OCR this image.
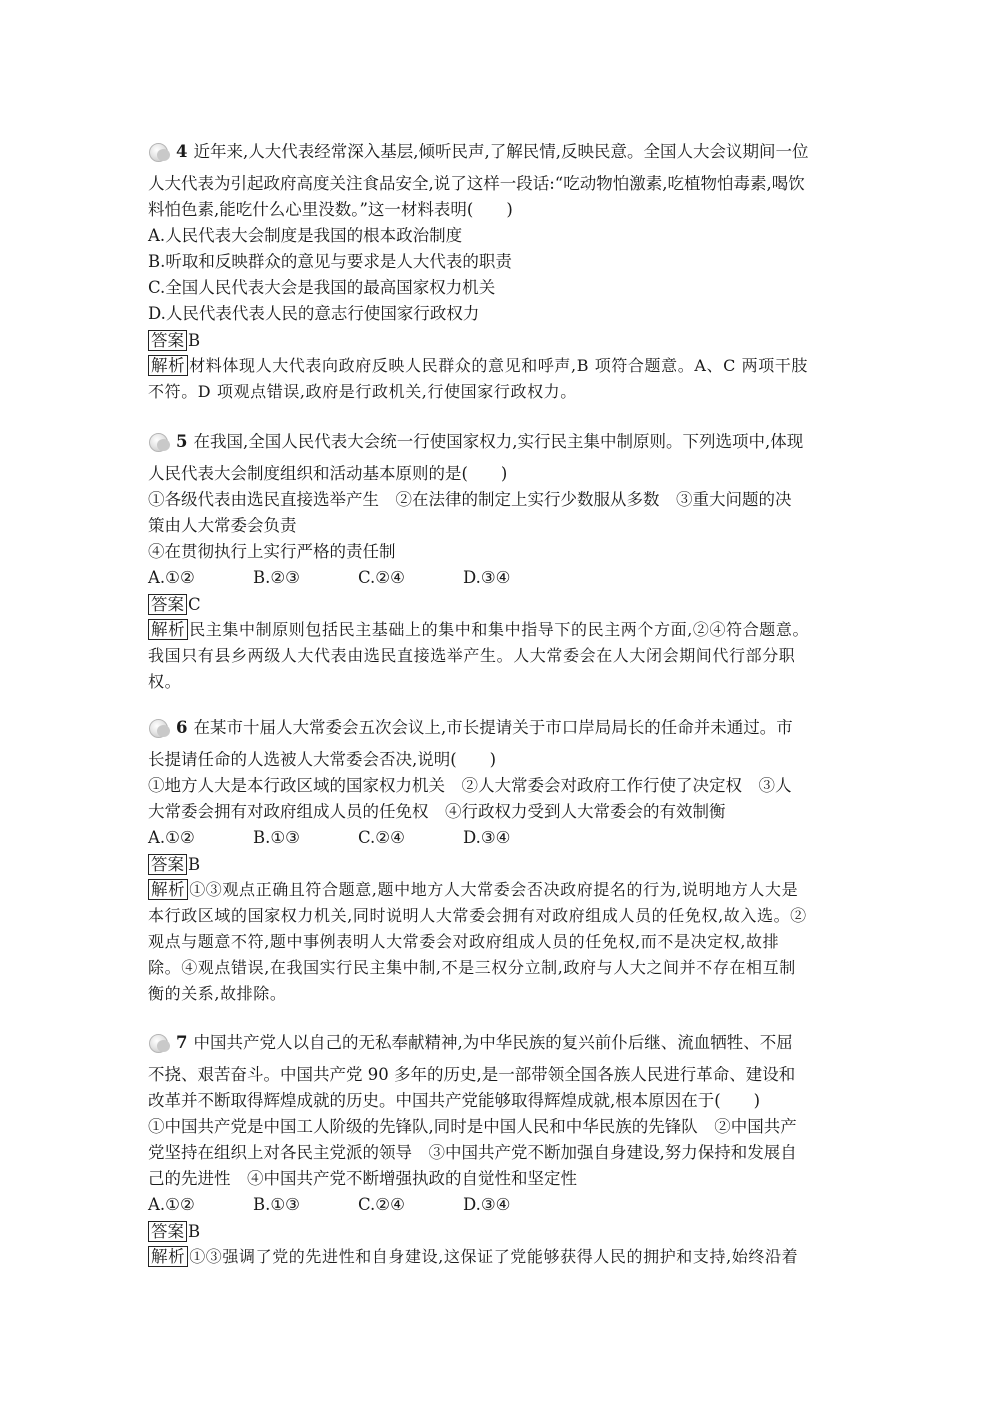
4 近年来,人大代表经常深入基层,倾听民声,了解民情,反映民意。全国人大会议期间一位
人大代表为引起政府高度关注食品安全,说了这样一段话:“吃动物怕激素,吃植物怕毒素,喝饮
料怕色素,能吃什么心里没数。”这一材料表明(　　)
A.人民代表大会制度是我国的根本政治制度
B.听取和反映群众的意见与要求是人大代表的职责
C.全国人民代表大会是我国的最高国家权力机关
D.人民代表代表人民的意志行使国家行政权力
答案 B
解析 材料体现人大代表向政府反映人民群众的意见和呼声,B 项符合题意。A、C 两项干肢
不符。D 项观点错误,政府是行政机关,行使国家行政权力。
5 在我国,全国人民代表大会统一行使国家权力,实行民主集中制原则。下列选项中,体现
人民代表大会制度组织和活动基本原则的是(　　)
①各级代表由选民直接选举产生　②在法律的制定上实行少数服从多数　③重大问题的决
策由人大常委会负责
④在贯彻执行上实行严格的责任制
A.①②	B.②③	C.②④	D.③④
答案 C
解析 民主集中制原则包括民主基础上的集中和集中指导下的民主两个方面,②④符合题意。
我国只有县乡两级人大代表由选民直接选举产生。人大常委会在人大闭会期间代行部分职
权。
6 在某市十届人大常委会五次会议上,市长提请关于市口岸局局长的任命并未通过。市
长提请任命的人选被人大常委会否决,说明(　　)
①地方人大是本行政区域的国家权力机关　②人大常委会对政府工作行使了决定权　③人
大常委会拥有对政府组成人员的任免权　④行政权力受到人大常委会的有效制衡
A.①②	B.①③	C.②④	D.③④
答案 B
解析 ①③观点正确且符合题意,题中地方人大常委会否决政府提名的行为,说明地方人大是
本行政区域的国家权力机关,同时说明人大常委会拥有对政府组成人员的任免权,故入选。②
观点与题意不符,题中事例表明人大常委会对政府组成人员的任免权,而不是决定权,故排
除。④观点错误,在我国实行民主集中制,不是三权分立制,政府与人大之间并不存在相互制
衡的关系,故排除。
7 中国共产党人以自己的无私奉献精神,为中华民族的复兴前仆后继、流血牺牲、不屈
不挠、艰苦奋斗。中国共产党 90 多年的历史,是一部带领全国各族人民进行革命、建设和
改革并不断取得辉煌成就的历史。中国共产党能够取得辉煌成就,根本原因在于(　　)
①中国共产党是中国工人阶级的先锋队,同时是中国人民和中华民族的先锋队　②中国共产
党坚持在组织上对各民主党派的领导　③中国共产党不断加强自身建设,努力保持和发展自
己的先进性　④中国共产党不断增强执政的自觉性和坚定性
A.①②	B.①③	C.②④	D.③④
答案 B
解析 ①③强调了党的先进性和自身建设,这保证了党能够获得人民的拥护和支持,始终沿着
